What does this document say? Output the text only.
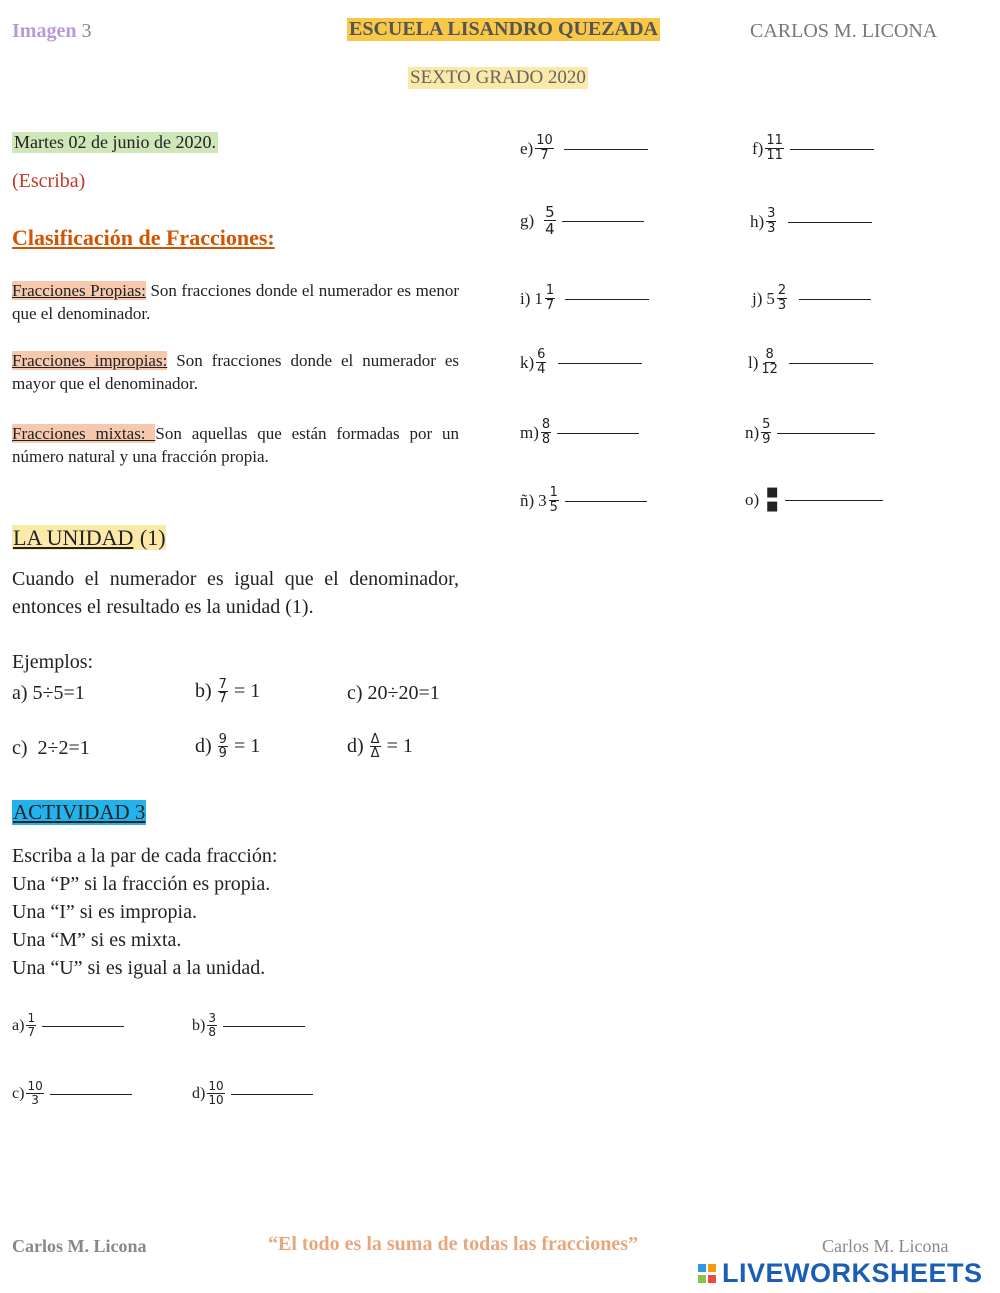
Imagen 3	ESCUELA LISANDRO QUEZADA	CARLOS M. LICONA
SEXTO GRADO 2020
Martes 02 de junio de 2020.
(Escriba)
Clasificación de Fracciones:
Fracciones Propias: Son fracciones donde el numerador es menor que el denominador.
Fracciones impropias: Son fracciones donde el numerador es mayor que el denominador.
Fracciones mixtas: Son aquellas que están formadas por un número natural y una fracción propia.
LA UNIDAD (1)
Cuando el numerador es igual que el denominador, entonces el resultado es la unidad (1).
Ejemplos:
a) 5÷5=1	$b) \frac{7}{7} = 1$	c) 20÷20=1
c)  2÷2=1	$d) \frac{9}{9} = 1$	$d) \frac{\Delta}{\Delta} = 1$
ACTIVIDAD 3
Escriba a la par de cada fracción:
Una “P” si la fracción es propia.
Una “I” si es impropia.
Una “M” si es mixta.
Una “U” si es igual a la unidad.
$a) \frac{1}{7}$	$b) \frac{3}{8}$
$c) \frac{10}{3}$	$d) \frac{10}{10}$
$e) \frac{10}{7}$	$f) \frac{11}{11}$
$g) \frac{5}{4}$	$h) \frac{3}{3}$
i) $1 \frac{1}{7}$	j) $5 \frac{2}{3}$
$k) \frac{6}{4}$	$l) \frac{8}{12}$
$m) \frac{8}{8}$	$n) \frac{5}{9}$
ñ) $3 \frac{1}{5}$	o) ■
■
Carlos M. Licona	“El todo es la suma de todas las fracciones”	Carlos M. Licona
LIVEWORKSHEETS
